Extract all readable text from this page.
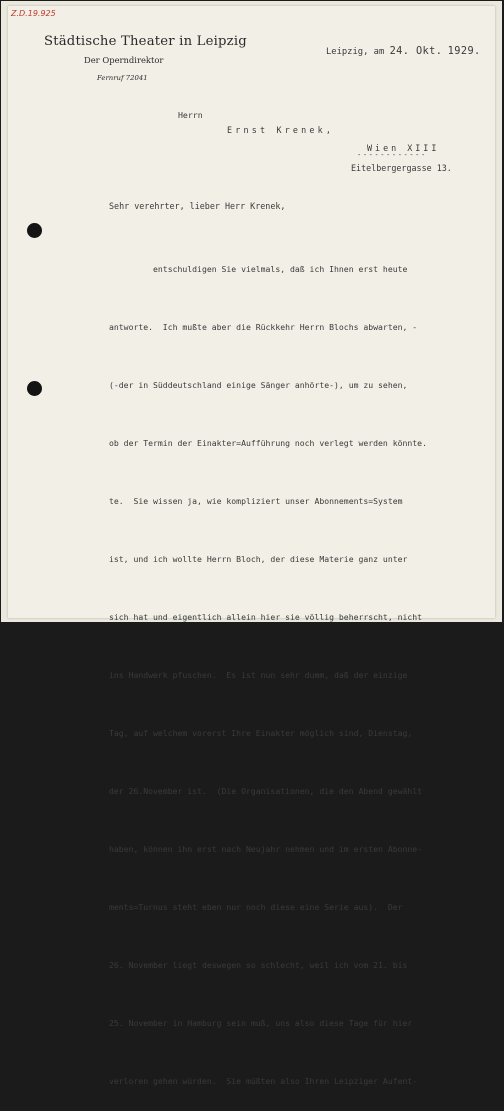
Z.D.19.925
Städtische Theater in Leipzig
Der Operndirektor
Fernruf 72041
Leipzig, am 24. Okt. 1929.
Herrn
Ernst Krenek,
Wien XIII
------------
Eitelbergergasse 13.
Sehr verehrter, lieber Herr Krenek,

entschuldigen Sie vielmals, daß ich Ihnen erst heute

antworte.  Ich mußte aber die Rückkehr Herrn Blochs abwarten, -

(-der in Süddeutschland einige Sänger anhörte-), um zu sehen,

ob der Termin der Einakter=Aufführung noch verlegt werden könnte.

te.  Sie wissen ja, wie kompliziert unser Abonnements=System

ist, und ich wollte Herrn Bloch, der diese Materie ganz unter

sich hat und eigentlich allein hier sie völlig beherrscht, nicht

ins Handwerk pfuschen.  Es ist nun sehr dumm, daß der einzige

Tag, auf welchem vorerst Ihre Einakter möglich sind, Dienstag,

der 26.November ist.  (Die Organisationen, die den Abend gewählt

haben, können ihn erst nach Neujahr nehmen und im ersten Abonne-

ments=Turnus steht eben nur noch diese eine Serie aus).  Der

26. November liegt deswegen so schlecht, weil ich vom 21. bis

25. November in Hamburg sein muß, uns also diese Tage für hier

verloren gehen würden.  Sie müßten also Ihren Leipziger Aufent-
